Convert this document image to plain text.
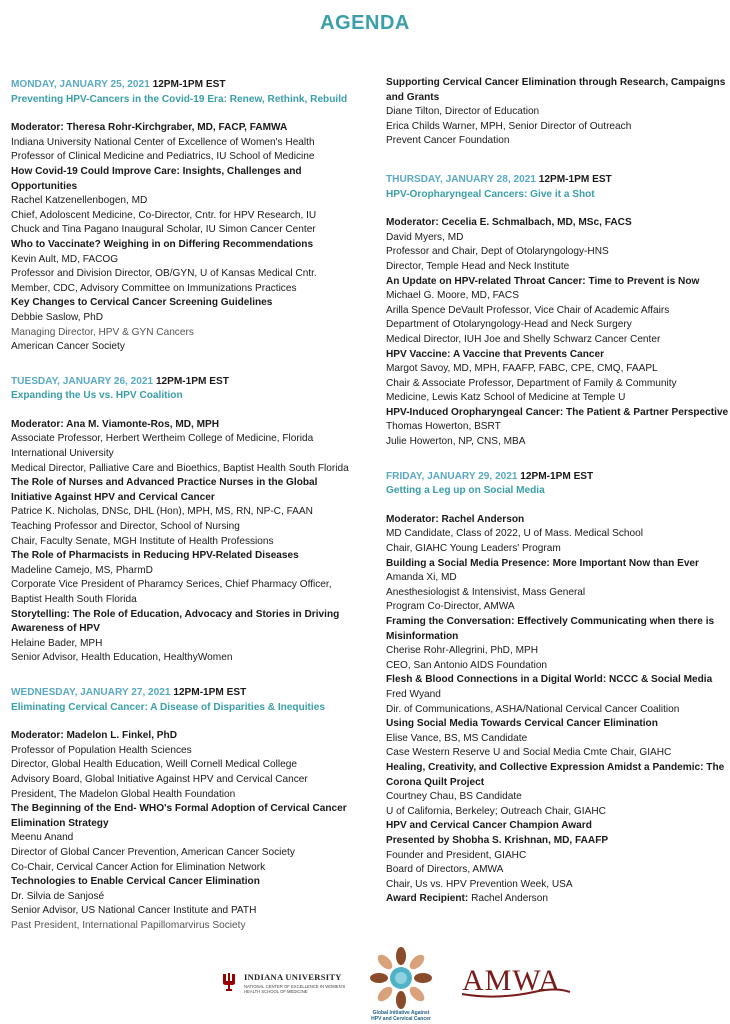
AGENDA
MONDAY, JANUARY 25, 2021 12PM-1PM EST
Preventing HPV-Cancers in the Covid-19 Era: Renew, Rethink, Rebuild
Moderator: Theresa Rohr-Kirchgraber, MD, FACP, FAMWA
Indiana University National Center of Excellence of Women's Health
Professor of Clinical Medicine and Pediatrics, IU School of Medicine
How Covid-19 Could Improve Care: Insights, Challenges and Opportunities
Rachel Katzenellenbogen, MD
Chief, Adoloscent Medicine, Co-Director, Cntr. for HPV Research, IU
Chuck and Tina Pagano Inaugural Scholar, IU Simon Cancer Center
Who to Vaccinate? Weighing in on Differing Recommendations
Kevin Ault, MD, FACOG
Professor and Division Director, OB/GYN, U of Kansas Medical Cntr.
Member, CDC, Advisory Committee on Immunizations Practices
Key Changes to Cervical Cancer Screening Guidelines
Debbie Saslow, PhD
Managing Director, HPV & GYN Cancers
American Cancer Society
TUESDAY, JANUARY 26, 2021 12PM-1PM EST
Expanding the Us vs. HPV Coalition
Moderator: Ana M. Viamonte-Ros, MD, MPH
Associate Professor, Herbert Wertheim College of Medicine, Florida International University
Medical Director, Palliative Care and Bioethics, Baptist Health South Florida
The Role of Nurses and Advanced Practice Nurses in the Global Initiative Against HPV and Cervical Cancer
Patrice K. Nicholas, DNSc, DHL (Hon), MPH, MS, RN, NP-C, FAAN
Teaching Professor and Director, School of Nursing
Chair, Faculty Senate, MGH Institute of Health Professions
The Role of Pharmacists in Reducing HPV-Related Diseases
Madeline Camejo, MS, PharmD
Corporate Vice President of Pharamcy Serices, Chief Pharmacy Officer, Baptist Health South Florida
Storytelling: The Role of Education, Advocacy and Stories in Driving Awareness of HPV
Helaine Bader, MPH
Senior Advisor, Health Education, HealthyWomen
WEDNESDAY, JANUARY 27, 2021 12PM-1PM EST
Eliminating Cervical Cancer: A Disease of Disparities & Inequities
Moderator: Madelon L. Finkel, PhD
Professor of Population Health Sciences
Director, Global Health Education, Weill Cornell Medical College
Advisory Board, Global Initiative Against HPV and Cervical Cancer
President, The Madelon Global Health Foundation
The Beginning of the End- WHO's Formal Adoption of Cervical Cancer Elimination Strategy
Meenu Anand
Director of Global Cancer Prevention, American Cancer Society
Co-Chair, Cervical Cancer Action for Elimination Network
Technologies to Enable Cervical Cancer Elimination
Dr. Silvia de Sanjosé
Senior Advisor, US National Cancer Institute and PATH
Past President, International Papillomarvirus Society
Supporting Cervical Cancer Elimination through Research, Campaigns and Grants
Diane Tilton, Director of Education
Erica Childs Warner, MPH, Senior Director of Outreach
Prevent Cancer Foundation
THURSDAY, JANUARY 28, 2021 12PM-1PM EST
HPV-Oropharyngeal Cancers: Give it a Shot
Moderator: Cecelia E. Schmalbach, MD, MSc, FACS
David Myers, MD
Professor and Chair, Dept of Otolaryngology-HNS
Director, Temple Head and Neck Institute
An Update on HPV-related Throat Cancer: Time to Prevent is Now
Michael G. Moore, MD, FACS
Arilla Spence DeVault Professor, Vice Chair of Academic Affairs
Department of Otolaryngology-Head and Neck Surgery
Medical Director, IUH Joe and Shelly Schwarz Cancer Center
HPV Vaccine: A Vaccine that Prevents Cancer
Margot Savoy, MD, MPH, FAAFP, FABC, CPE, CMQ, FAAPL
Chair & Associate Professor, Department of Family & Community
Medicine, Lewis Katz School of Medicine at Temple U
HPV-Induced Oropharyngeal Cancer: The Patient & Partner Perspective
Thomas Howerton, BSRT
Julie Howerton, NP, CNS, MBA
FRIDAY, JANUARY 29, 2021 12PM-1PM EST
Getting a Leg up on Social Media
Moderator: Rachel Anderson
MD Candidate, Class of 2022, U of Mass. Medical School
Chair, GIAHC Young Leaders' Program
Building a Social Media Presence: More Important Now than Ever
Amanda Xi, MD
Anesthesiologist & Intensivist, Mass General
Program Co-Director, AMWA
Framing the Conversation: Effectively Communicating when there is Misinformation
Cherise Rohr-Allegrini, PhD, MPH
CEO, San Antonio AIDS Foundation
Flesh & Blood Connections in a Digital World: NCCC & Social Media
Fred Wyand
Dir. of Communications, ASHA/National Cervical Cancer Coalition
Using Social Media Towards Cervical Cancer Elimination
Elise Vance, BS, MS Candidate
Case Western Reserve U and Social Media Cmte Chair, GIAHC
Healing, Creativity, and Collective Expression Amidst a Pandemic: The Corona Quilt Project
Courtney Chau, BS Candidate
U of California, Berkeley; Outreach Chair, GIAHC
HPV and Cervical Cancer Champion Award
Presented by Shobha S. Krishnan, MD, FAAFP
Founder and President, GIAHC
Board of Directors, AMWA
Chair, Us vs. HPV Prevention Week, USA
Award Recipient: Rachel Anderson
INDIANA UNIVERSITY
NATIONAL CENTER OF EXCELLENCE IN WOMEN'S HEALTH SCHOOL OF MEDICINE
Global Initiative Against HPV and Cervical Cancer
AMWA
